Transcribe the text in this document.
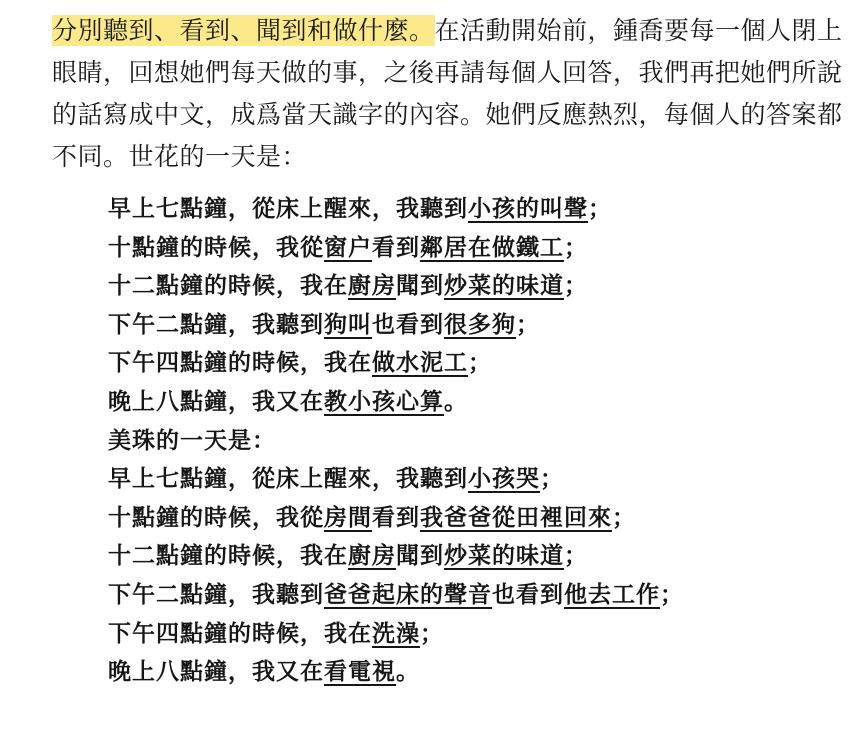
分別聽到、看到、聞到和做什麼。在活動開始前，鍾喬要每一個人閉上眼睛，回想她們每天做的事，之後再請每個人回答，我們再把她們所說的話寫成中文，成爲當天識字的內容。她們反應熱烈，每個人的答案都不同。世花的一天是：

早上七點鐘，從床上醒來，我聽到小孩的叫聲；
十點鐘的時候，我從窗户看到鄰居在做鐵工；
十二點鐘的時候，我在廚房聞到炒菜的味道；
下午二點鐘，我聽到狗叫也看到很多狗；
下午四點鐘的時候，我在做水泥工；
晚上八點鐘，我又在教小孩心算。
美珠的一天是：
早上七點鐘，從床上醒來，我聽到小孩哭；
十點鐘的時候，我從房間看到我爸爸從田裡回來；
十二點鐘的時候，我在廚房聞到炒菜的味道；
下午二點鐘，我聽到爸爸起床的聲音也看到他去工作；
下午四點鐘的時候，我在洗澡；
晚上八點鐘，我又在看電視。
